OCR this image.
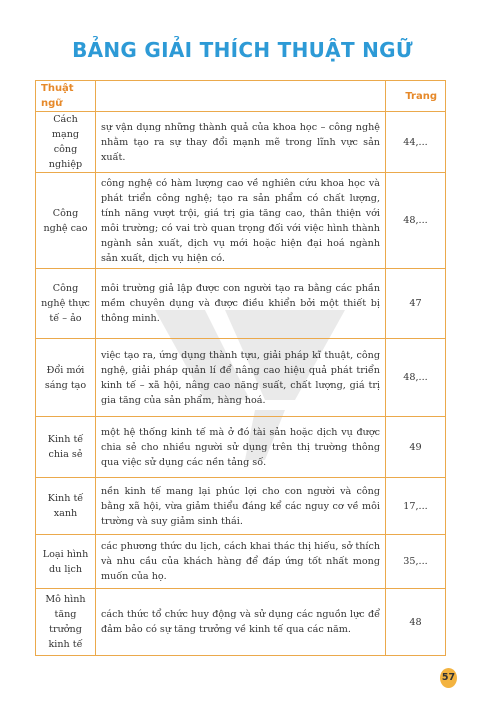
BẢNG GIẢI THÍCH THUẬT NGỮ
Thuật ngữ		Trang
Cách mạng công nghiệp	sự vận dụng những thành quả của khoa học – công nghệ nhằm tạo ra sự thay đổi mạnh mẽ trong lĩnh vực sản xuất.	44,...
Công nghệ cao	công nghệ có hàm lượng cao về nghiên cứu khoa học và phát triển công nghệ; tạo ra sản phẩm có chất lượng, tính năng vượt trội, giá trị gia tăng cao, thân thiện với môi trường; có vai trò quan trọng đối với việc hình thành ngành sản xuất, dịch vụ mới hoặc hiện đại hoá ngành sản xuất, dịch vụ hiện có.	48,...
Công nghệ thực tế – ảo	môi trường giả lập được con người tạo ra bằng các phần mềm chuyên dụng và được điều khiển bởi một thiết bị thông minh.	47
Đổi mới sáng tạo	việc tạo ra, ứng dụng thành tựu, giải pháp kĩ thuật, công nghệ, giải pháp quản lí để nâng cao hiệu quả phát triển kinh tế – xã hội, nâng cao năng suất, chất lượng, giá trị gia tăng của sản phẩm, hàng hoá.	48,...
Kinh tế chia sẻ	một hệ thống kinh tế mà ở đó tài sản hoặc dịch vụ được chia sẻ cho nhiều người sử dụng trên thị trường thông qua việc sử dụng các nền tảng số.	49
Kinh tế xanh	nền kinh tế mang lại phúc lợi cho con người và công bằng xã hội, vừa giảm thiểu đáng kể các nguy cơ về môi trường và suy giảm sinh thái.	17,...
Loại hình du lịch	các phương thức du lịch, cách khai thác thị hiếu, sở thích và nhu cầu của khách hàng để đáp ứng tốt nhất mong muốn của họ.	35,...
Mô hình tăng trưởng kinh tế	cách thức tổ chức huy động và sử dụng các nguồn lực để đảm bảo có sự tăng trưởng về kinh tế qua các năm.	48
57
